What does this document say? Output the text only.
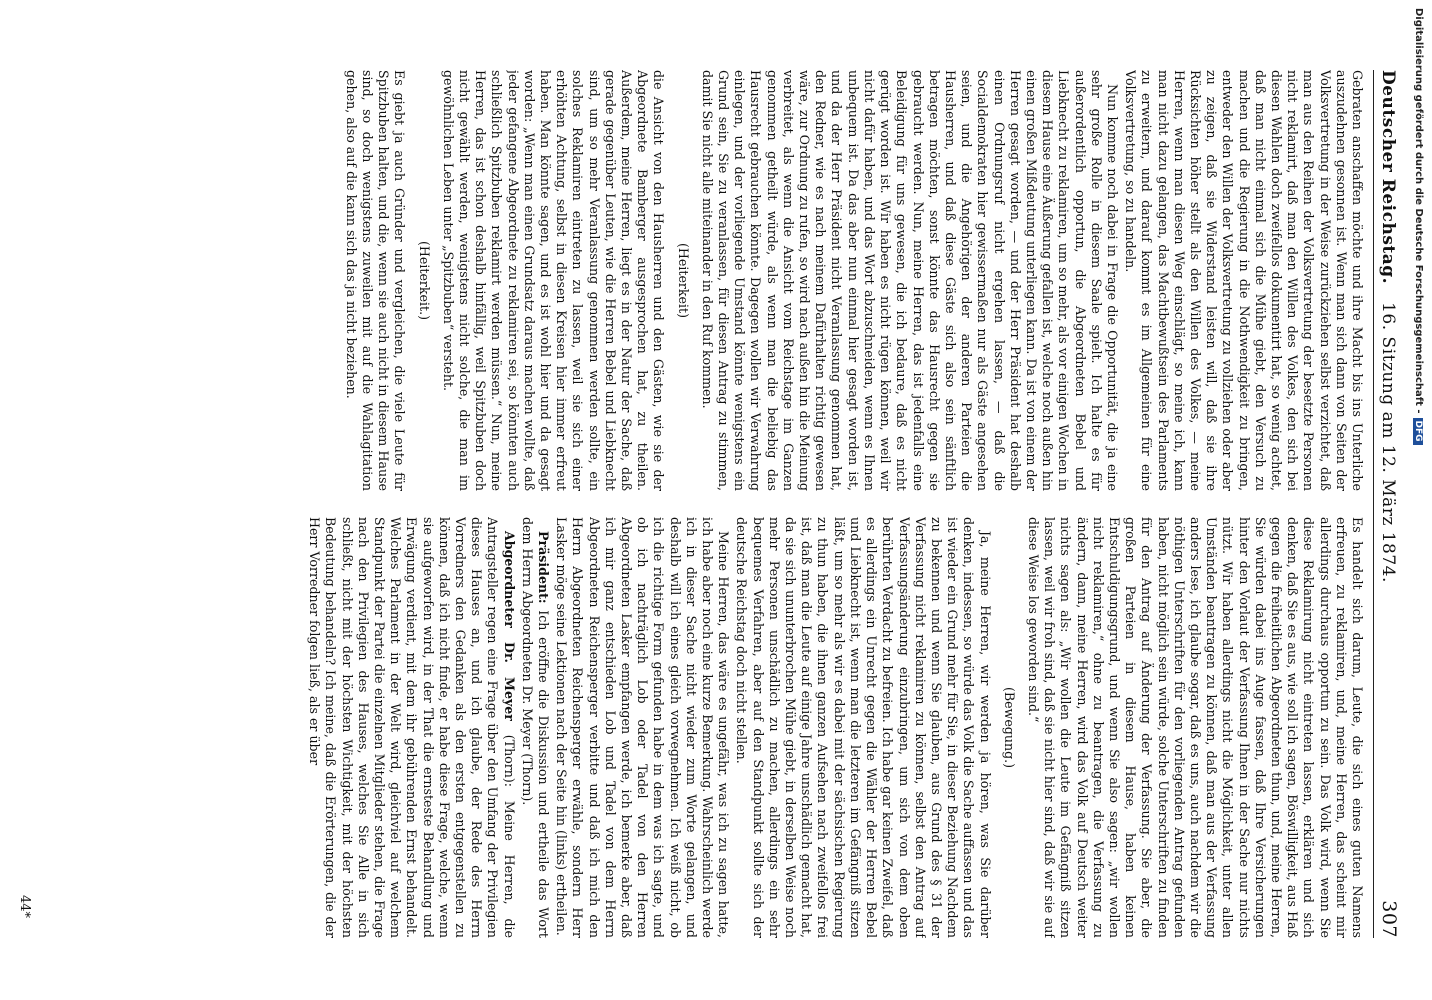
Deutscher Reichstag.
16. Sitzung am 12. März 1874.
307

Gebraten anschaffen möchte und ihre Macht bis ins Unterliche auszudehnen gesonnen ist. Wenn man sich dann von Seiten der Volksvertretung in der Weise zurückziehen selbst verzichtet, daß man aus den Reihen der Volksvertretung der besetzte Personen nicht reklamirt, daß man den Willen des Volkes, den sich bei diesen Wahlen doch zweifellos dokumentirt hat, so wenig achtet, daß man nicht einmal sich die Mühe giebt, den Versuch zu machen und die Regierung in die Nothwendigkeit zu bringen, entweder den Willen der Volksvertretung zu vollziehen oder aber zu zeigen, daß sie Widerstand leisten will, daß sie ihre Rücksichten höher stellt als den Willen des Volkes, — meine Herren, wenn man diesen Weg einschlägt, so meine ich, kann man nicht dazu gelangen, das Machtbewußtsein des Parlaments zu erweitern, und darauf kommt es im Allgemeinen für eine Volksvertretung, so zu handeln.

Nun komme noch dabei in Frage die Opportunität, die ja eine sehr große Rolle in diesem Saale spielt. Ich halte es für außerordentlich opportun, die Abgeordneten Bebel und Liebknecht zu reklamiren, um so mehr, als vor einigen Wochen in diesem Hause eine Äußerung gefallen ist, welche noch außen hin einen großen Mißdeutung unterliegen kann. Da ist von einem der Herren gesagt worden, — und der Herr Präsident hat deshalb einen Ordnungsruf nicht ergehen lassen, — daß die Socialdemokraten hier gewissermaßen nur als Gäste angesehen seien, und die Angehörigen der anderen Parteien die Hausherren, und daß diese Gäste sich also sein sänftlich betragen möchten, sonst könnte das Hausrecht gegen sie gebraucht werden. Nun, meine Herren, das ist jedenfalls eine Beleidigung für uns gewesen, die ich bedaure, daß es nicht gerügt worden ist. Wir haben es nicht rügen können, weil wir nicht dafür haben, und das Wort abzuschneiden, wenn es Ihnen unbequem ist. Da das aber nun einmal hier gesagt worden ist, und da der Herr Präsident nicht Veranlassung genommen hat, den Redner, wie es nach meinem Dafürhalten richtig gewesen wäre, zur Ordnung zu rufen, so wird nach außen hin die Meinung verbreitet, als wenn die Ansicht vom Reichstage im Ganzen genommen getheilt würde, als wenn man die beliebig das Hausrecht gebrauchen könnte. Dagegen wollen wir Verwahrung einlegen, und der vorliegende Umstand könnte wenigstens ein Grund sein, Sie zu veranlassen, für diesen Antrag zu stimmen, damit Sie nicht alle miteinander in den Ruf kommen.

(Heiterkeit)

die Ansicht von den Hausherren und den Gästen, wie sie der Abgeordnete Bamberger ausgesprochen hat, zu theilen. Außerdem, meine Herren, liegt es in der Natur der Sache, daß gerade gegenüber Leuten, wie die Herren Bebel und Liebknecht sind, um so mehr Veranlassung genommen werden sollte, ein solches Reklamiren eintreten zu lassen, weil sie sich einer erhöhten Achtung, selbst in diesen Kreisen hier immer erfreut haben. Man könnte sagen, und es ist wohl hier und da gesagt worden: „Wenn man einen Grundsatz daraus machen wollte, daß jeder gefangene Abgeordnete zu reklamiren sei, so könnten auch schließlich Spitzbuben reklamirt werden müssen.“ Nun, meine Herren, das ist schon deshalb hinfällig, weil Spitzbuben doch nicht gewählt werden, wenigstens nicht solche, die man im gewöhnlichen Leben unter „Spitzbuben“ versteht.

(Heiterkeit.)

Es giebt ja auch Gründer und vergleichen, die viele Leute für Spitzbuben halten, und die, wenn sie auch nicht in diesem Hause sind, so doch wenigstens zuweilen mit auf die Wahlagitation gehen, also auf die kann sich das ja nicht beziehen.

Es handelt sich darum, Leute, die sich eines guten Namens erfreuen, zu reklamiren, und, meine Herren, das scheint mir allerdings durchaus opportun zu sein. Das Volk wird, wenn Sie diese Reklamirung nicht eintreten lassen, erklären und sich denken, daß Sie es aus, wie soll ich sagen, Böswilligkeit, aus Haß gegen die freiheitlichen Abgeordneten thun, und, meine Herren, Sie würden dabei ins Auge fassen, daß Ihre Versicherungen hinter den Vorlaut der Verfassung Ihnen in der Sache nur nichts nützt. Wir haben allerdings nicht die Möglichkeit, unter allen Umständen beantragen zu können, daß man aus der Verfassung anders lese, ich glaube sogar, daß es uns, auch nachdem wir die nöthigen Unterschriften für den vorliegenden Antrag gefunden haben, nicht möglich sein würde, solche Unterschriften zu finden für den Antrag auf Änderung der Verfassung. Sie aber, die großen Parteien in diesem Hause, haben keinen Entschuldigungsgrund, und wenn Sie also sagen: „wir wollen nicht reklamiren,“ ohne zu beantragen, die Verfassung zu ändern, dann, meine Herren, wird das Volk auf Deutsch weiter nichts sagen als: „Wir wollen die Leute im Gefängniß sitzen lassen, weil wir froh sind, daß sie nicht hier sind, daß wir sie auf diese Weise los geworden sind.“

(Bewegung.)

Ja, meine Herren, wir werden ja hören, was Sie darüber denken, indessen, so würde das Volk die Sache auffassen und das ist wieder ein Grund mehr für Sie, in dieser Beziehung Nachdem zu bekennen und wenn Sie glauben, aus Grund des § 31 der Verfassung nicht reklamiren zu können, selbst den Antrag auf Verfassungsänderung einzubringen, um sich von dem oben berührten Verdacht zu befreien. Ich habe gar keinen Zweifel, daß es allerdings ein Unrecht gegen die Wähler der Herren Bebel und Liebknecht ist, wenn man die letzteren im Gefängniß sitzen läßt, um so mehr als wir es dabei mit der sächsischen Regierung zu thun haben, die ihnen ganzen Aufsehen nach zweifellos frei ist, daß man die Leute auf einige Jahre unschädlich gemacht hat, da sie sich ununterbrochen Mühe giebt, in derselben Weise noch mehr Personen unschädlich zu machen, allerdings ein sehr bequemes Verfahren, aber auf den Standpunkt sollte sich der deutsche Reichstag doch nicht stellen.

Meine Herren, das wäre es ungefähr, was ich zu sagen hatte, ich habe aber noch eine kurze Bemerkung. Wahrscheinlich werde ich in dieser Sache nicht wieder zum Worte gelangen, und deshalb will ich eines gleich vorwegnehmen. Ich weiß nicht, ob ich die richtige Form gefunden habe in dem was ich sagte, und ob ich nachträglich Lob oder Tadel von den Herren Abgeordneten Lasker empfangen werde, ich bemerke aber, daß ich mir ganz entschieden Lob und Tadel von dem Herrn Abgeordneten Reichensperger verbitte und daß ich mich den Herrn Abgeordneten Reichensperger erwähle, sondern Herr Lasker möge seine Lektionen nach der Seite hin (links) ertheilen.

Präsident: Ich eröffne die Diskussion und ertheile das Wort dem Herrn Abgeordneten Dr. Meyer (Thorn).

Abgeordneter Dr. Meyer (Thorn): Meine Herren, die Antragsteller regen eine Frage über den Umfang der Privilegien dieses Hauses an, und ich glaube, der Rede des Herrn Vorredners den Gedanken als den ersten entgegenstellen zu können, daß ich nicht finde, er habe diese Frage, welche, wenn sie aufgeworfen wird, in der That die ernsteste Behandlung und Erwägung verdient, mit dem ihr gebührenden Ernst behandelt. Welches Parlament in der Welt wird, gleichviel auf welchem Standpunkt der Partei die einzelnen Mitglieder stehen, die Frage nach den Privilegien des Hauses, welches Sie Alle in sich schließt, nicht mit der höchsten Wichtigkeit, mit der höchsten Bedeutung behandeln? Ich meine, daß die Erörterungen, die der Herr Vorredner folgen ließ, als er über

44*
Digitalisierung gefördert durch die Deutsche Forschungsgemeinschaft -DFG
